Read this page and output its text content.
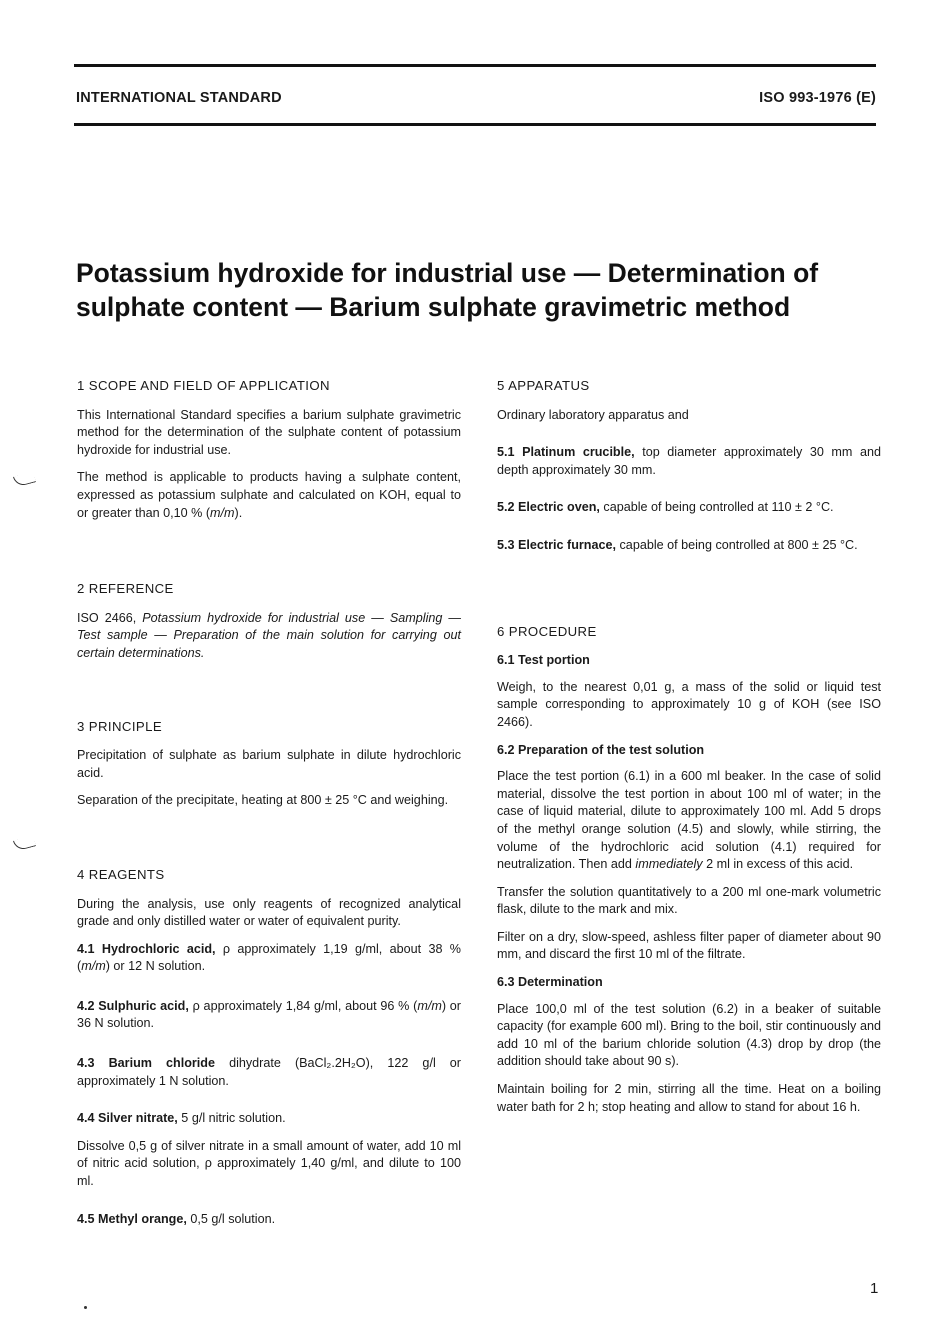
INTERNATIONAL STANDARD	ISO 993-1976 (E)
Potassium hydroxide for industrial use — Determination of
sulphate content — Barium sulphate gravimetric method
1 SCOPE AND FIELD OF APPLICATION

This International Standard specifies a barium sulphate gravimetric method for the determination of the sulphate content of potassium hydroxide for industrial use.

The method is applicable to products having a sulphate content, expressed as potassium sulphate and calculated on KOH, equal to or greater than 0,10 % (m/m).

2 REFERENCE

ISO 2466, Potassium hydroxide for industrial use — Sampling — Test sample — Preparation of the main solution for carrying out certain determinations.

3 PRINCIPLE

Precipitation of sulphate as barium sulphate in dilute hydrochloric acid.

Separation of the precipitate, heating at 800 ± 25 °C and weighing.

4 REAGENTS

During the analysis, use only reagents of recognized analytical grade and only distilled water or water of equivalent purity.

4.1 Hydrochloric acid, ρ approximately 1,19 g/ml, about 38 % (m/m) or 12 N solution.

4.2 Sulphuric acid, ρ approximately 1,84 g/ml, about 96 % (m/m) or 36 N solution.

4.3 Barium chloride dihydrate (BaCl₂.2H₂O), 122 g/l or approximately 1 N solution.

4.4 Silver nitrate, 5 g/l nitric solution.

Dissolve 0,5 g of silver nitrate in a small amount of water, add 10 ml of nitric acid solution, ρ approximately 1,40 g/ml, and dilute to 100 ml.

4.5 Methyl orange, 0,5 g/l solution.

5 APPARATUS

Ordinary laboratory apparatus and

5.1 Platinum crucible, top diameter approximately 30 mm and depth approximately 30 mm.

5.2 Electric oven, capable of being controlled at 110 ± 2 °C.

5.3 Electric furnace, capable of being controlled at 800 ± 25 °C.

6 PROCEDURE
6.1 Test portion

Weigh, to the nearest 0,01 g, a mass of the solid or liquid test sample corresponding to approximately 10 g of KOH (see ISO 2466).

6.2 Preparation of the test solution

Place the test portion (6.1) in a 600 ml beaker. In the case of solid material, dissolve the test portion in about 100 ml of water; in the case of liquid material, dilute to approximately 100 ml. Add 5 drops of the methyl orange solution (4.5) and slowly, while stirring, the volume of the hydrochloric acid solution (4.1) required for neutralization. Then add immediately 2 ml in excess of this acid.

Transfer the solution quantitatively to a 200 ml one-mark volumetric flask, dilute to the mark and mix.

Filter on a dry, slow-speed, ashless filter paper of diameter about 90 mm, and discard the first 10 ml of the filtrate.

6.3 Determination

Place 100,0 ml of the test solution (6.2) in a beaker of suitable capacity (for example 600 ml). Bring to the boil, stir continuously and add 10 ml of the barium chloride solution (4.3) drop by drop (the addition should take about 90 s).

Maintain boiling for 2 min, stirring all the time. Heat on a boiling water bath for 2 h; stop heating and allow to stand for about 16 h.

1
